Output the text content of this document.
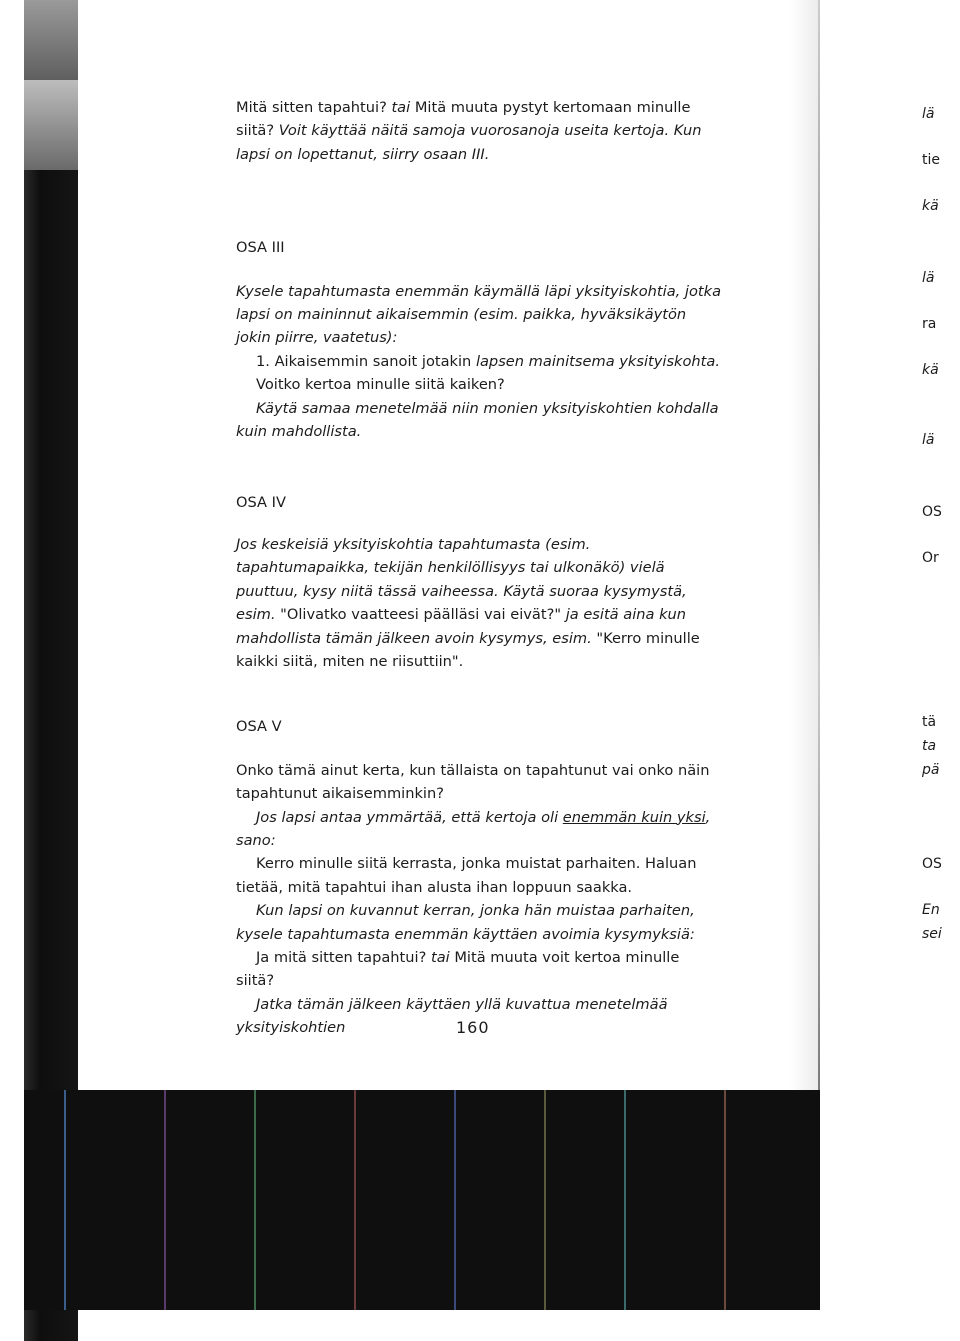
Mitä sitten tapahtui? tai Mitä muuta pystyt kertomaan minulle siitä? Voit käyttää näitä samoja vuorosanoja useita kertoja. Kun lapsi on lopettanut, siirry osaan III.

OSA III

Kysele tapahtumasta enemmän käymällä läpi yksityiskohtia, jotka lapsi on maininnut aikaisemmin (esim. paikka, hyväksikäytön jokin piirre, vaatetus):

1. Aikaisemmin sanoit jotakin lapsen mainitsema yksityiskohta. Voitko kertoa minulle siitä kaiken?

Käytä samaa menetelmää niin monien yksityiskohtien kohdalla kuin mahdollista.

OSA IV

Jos keskeisiä yksityiskohtia tapahtumasta (esim. tapahtumapaikka, tekijän henkilöllisyys tai ulkonäkö) vielä puuttuu, kysy niitä tässä vaiheessa. Käytä suoraa kysymystä, esim. "Olivatko vaatteesi päälläsi vai eivät?" ja esitä aina kun mahdollista tämän jälkeen avoin kysymys, esim. "Kerro minulle kaikki siitä, miten ne riisuttiin".

OSA V

Onko tämä ainut kerta, kun tällaista on tapahtunut vai onko näin tapahtunut aikaisemminkin?

Jos lapsi antaa ymmärtää, että kertoja oli enemmän kuin yksi, sano:

Kerro minulle siitä kerrasta, jonka muistat parhaiten. Haluan tietää, mitä tapahtui ihan alusta ihan loppuun saakka.

Kun lapsi on kuvannut kerran, jonka hän muistaa parhaiten, kysele tapahtumasta enemmän käyttäen avoimia kysymyksiä:

Ja mitä sitten tapahtui? tai Mitä muuta voit kertoa minulle siitä?

Jatka tämän jälkeen käyttäen yllä kuvattua menetelmää yksityiskohtien	160
lä
tie
kä
lä
ra
kä
lä
OS
Or
tä
ta
pä
OS
En
sei
